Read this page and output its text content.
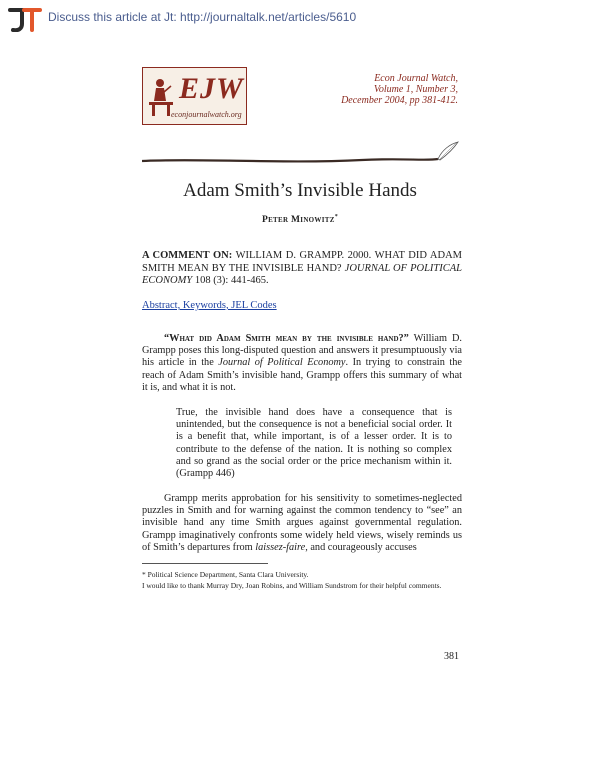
Discuss this article at Jt: http://journaltalk.net/articles/5610
EJW
econjournalwatch.org
Econ Journal Watch,
Volume 1, Number 3,
December 2004, pp 381-412.
Adam Smith’s Invisible Hands
Peter Minowitz*
A COMMENT ON: WILLIAM D. GRAMPP. 2000. WHAT DID ADAM SMITH MEAN BY THE INVISIBLE HAND? JOURNAL OF POLITICAL ECONOMY 108 (3): 441-465.
Abstract, Keywords, JEL Codes
“What did Adam Smith mean by the invisible hand?” William D. Grampp poses this long-disputed question and answers it presumptuously via his article in the Journal of Political Economy. In trying to constrain the reach of Adam Smith’s invisible hand, Grampp offers this summary of what it is, and what it is not.
True, the invisible hand does have a consequence that is unintended, but the consequence is not a beneficial social order. It is a benefit that, while important, is of a lesser order. It is to contribute to the defense of the nation. It is nothing so complex and so grand as the social order or the price mechanism within it. (Grampp 446)
Grampp merits approbation for his sensitivity to sometimes-neglected puzzles in Smith and for warning against the common tendency to “see” an invisible hand any time Smith argues against governmental regulation. Grampp imaginatively confronts some widely held views, wisely reminds us of Smith’s departures from laissez-faire, and courageously accuses

* Political Science Department, Santa Clara University.

I would like to thank Murray Dry, Joan Robins, and William Sundstrom for their helpful comments.

381
